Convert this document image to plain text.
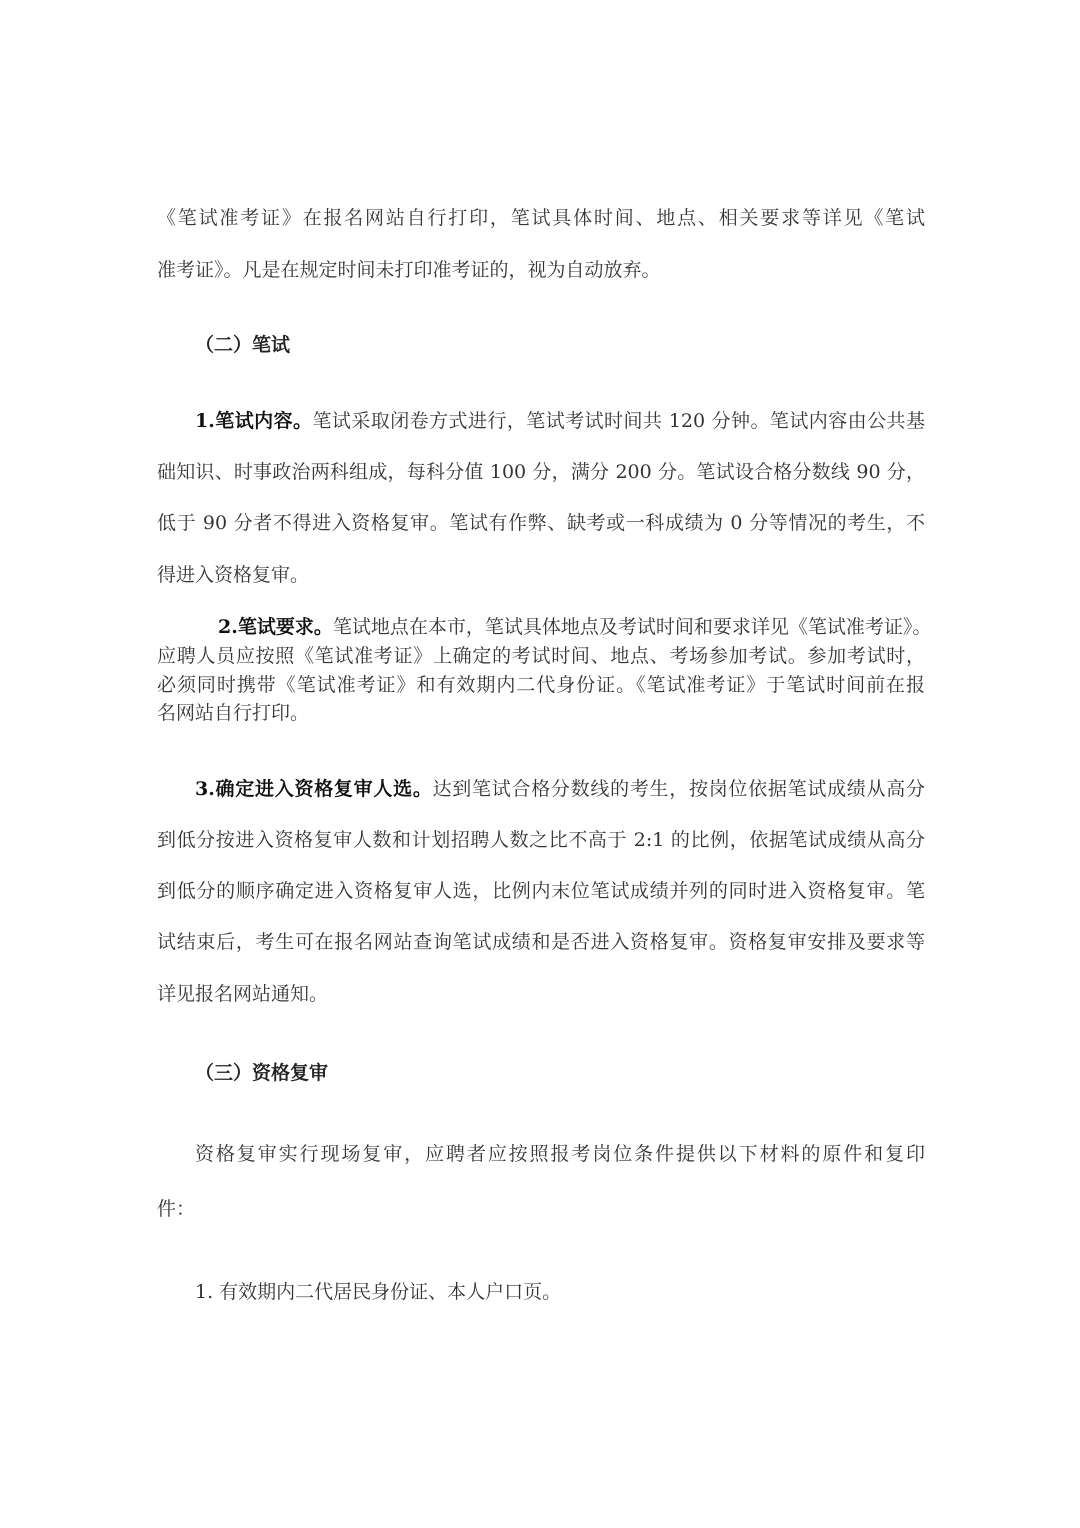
《笔试准考证》在报名网站自行打印，笔试具体时间、地点、相关要求等详见《笔试
准考证》。凡是在规定时间未打印准考证的，视为自动放弃。
（二）笔试
1.笔试内容。笔试采取闭卷方式进行，笔试考试时间共 120 分钟。笔试内容由公共基
础知识、时事政治两科组成，每科分值 100 分，满分 200 分。笔试设合格分数线 90 分，
低于 90 分者不得进入资格复审。笔试有作弊、缺考或一科成绩为 0 分等情况的考生，不
得进入资格复审。
2.笔试要求。笔试地点在本市，笔试具体地点及考试时间和要求详见《笔试准考证》。
应聘人员应按照《笔试准考证》上确定的考试时间、地点、考场参加考试。参加考试时，
必须同时携带《笔试准考证》和有效期内二代身份证。《笔试准考证》于笔试时间前在报
名网站自行打印。
3.确定进入资格复审人选。达到笔试合格分数线的考生，按岗位依据笔试成绩从高分
到低分按进入资格复审人数和计划招聘人数之比不高于 2:1 的比例，依据笔试成绩从高分
到低分的顺序确定进入资格复审人选，比例内末位笔试成绩并列的同时进入资格复审。笔
试结束后，考生可在报名网站查询笔试成绩和是否进入资格复审。资格复审安排及要求等
详见报名网站通知。
（三）资格复审
资格复审实行现场复审，应聘者应按照报考岗位条件提供以下材料的原件和复印
件：
1. 有效期内二代居民身份证、本人户口页。
